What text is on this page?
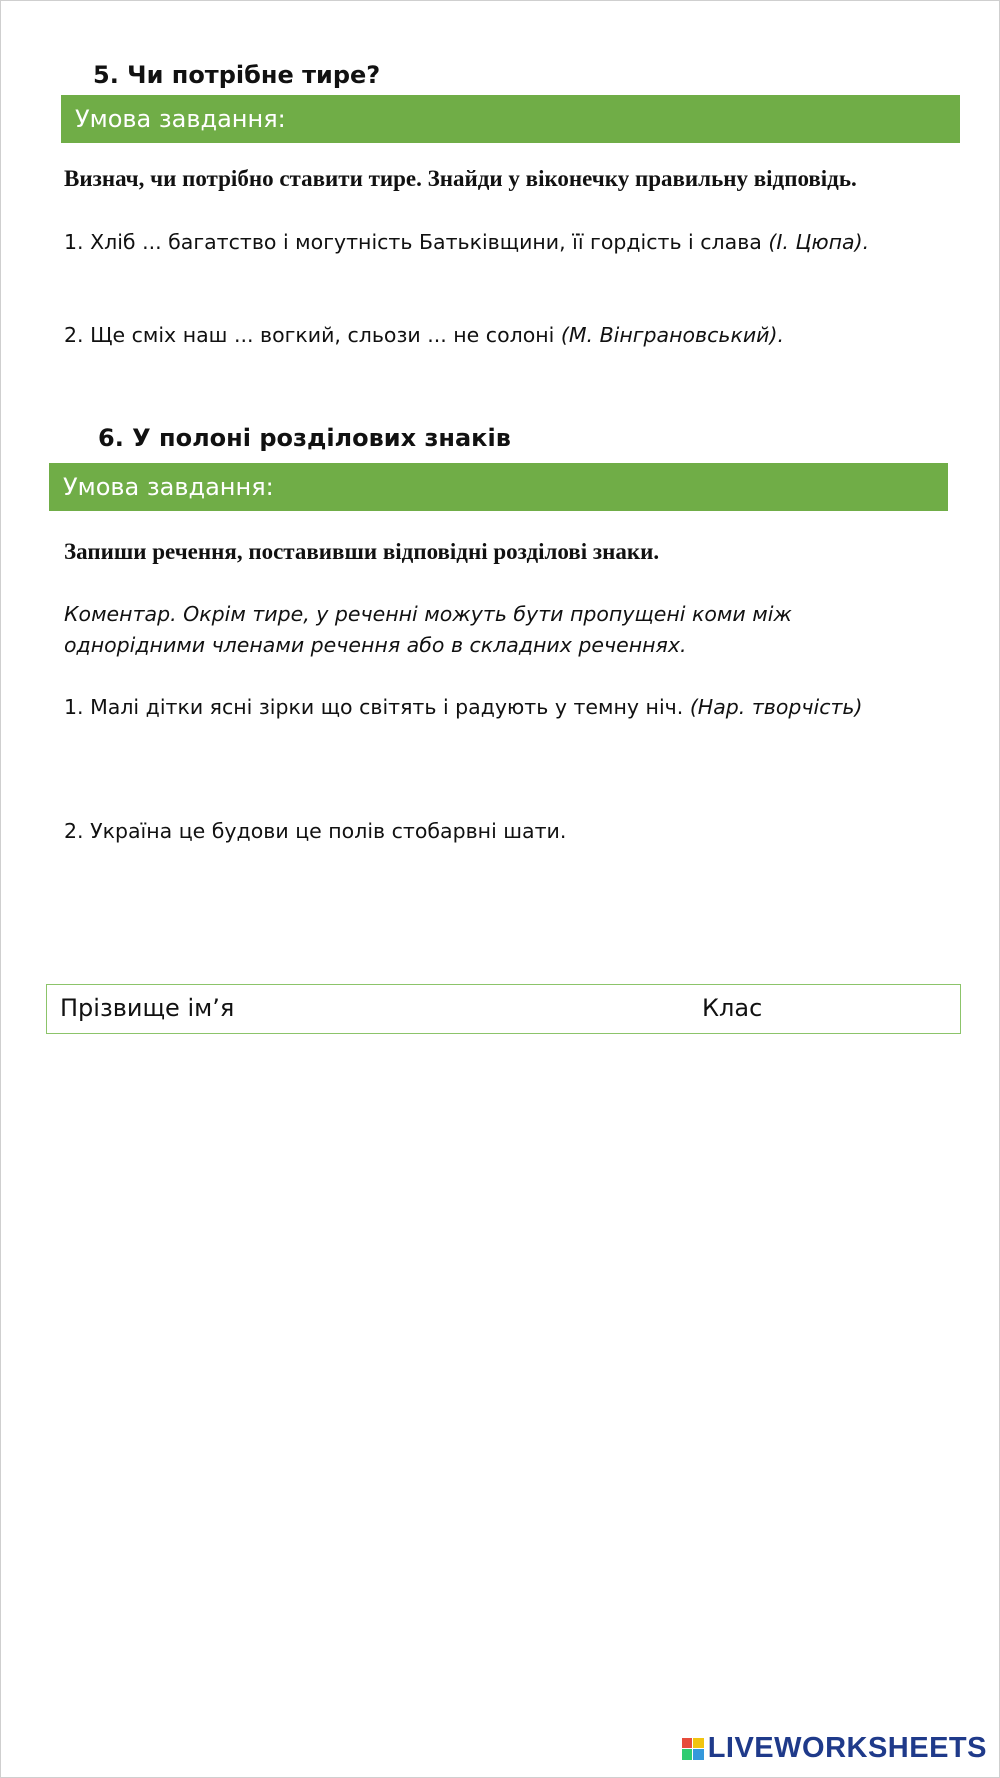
5. Чи потрібне тире?
Умова завдання:
Визнач, чи потрібно ставити тире. Знайди у віконечку правильну відповідь.
1. Хліб ... багатство і могутність Батьківщини, її гордість і слава (І. Цюпа).
2. Ще сміх наш ... вогкий, сльози ... не солоні (М. Вінграновський).
6. У полоні розділових знаків
Умова завдання:
Запиши речення, поставивши відповідні розділові знаки.
Коментар. Окрім тире, у реченні можуть бути пропущені коми між однорідними членами речення або в складних реченнях.
1. Малі дітки ясні зірки що світять і радують у темну ніч. (Нар. творчість)
2. Україна це будови це полів стобарвні шати.
Прізвище ім’я	Клас
LIVEWORKSHEETS
